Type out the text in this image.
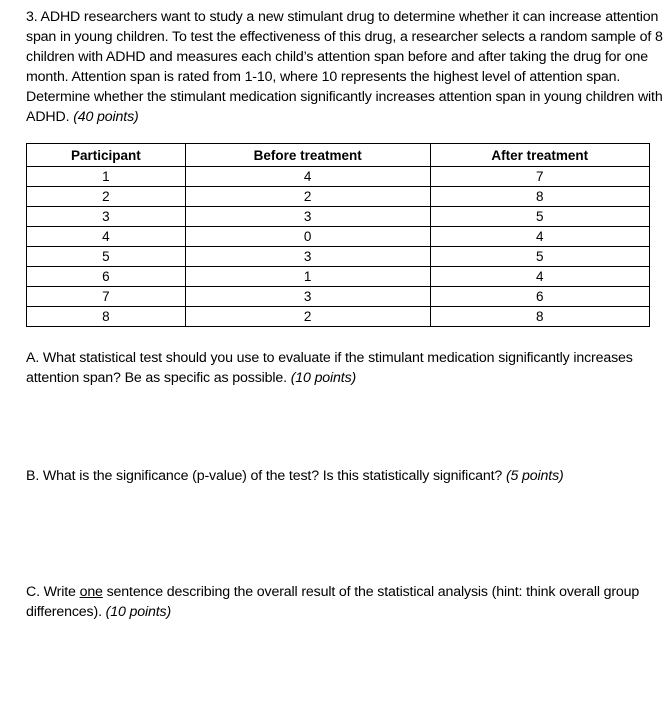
3. ADHD researchers want to study a new stimulant drug to determine whether it can increase attention span in young children. To test the effectiveness of this drug, a researcher selects a random sample of 8 children with ADHD and measures each child’s attention span before and after taking the drug for one month. Attention span is rated from 1-10, where 10 represents the highest level of attention span. Determine whether the stimulant medication significantly increases attention span in young children with ADHD. (40 points)
Participant	Before treatment	After treatment
1	4	7
2	2	8
3	3	5
4	0	4
5	3	5
6	1	4
7	3	6
8	2	8
A. What statistical test should you use to evaluate if the stimulant medication significantly increases attention span? Be as specific as possible. (10 points)
B. What is the significance (p-value) of the test? Is this statistically significant? (5 points)
C. Write one sentence describing the overall result of the statistical analysis (hint: think overall group differences). (10 points)
